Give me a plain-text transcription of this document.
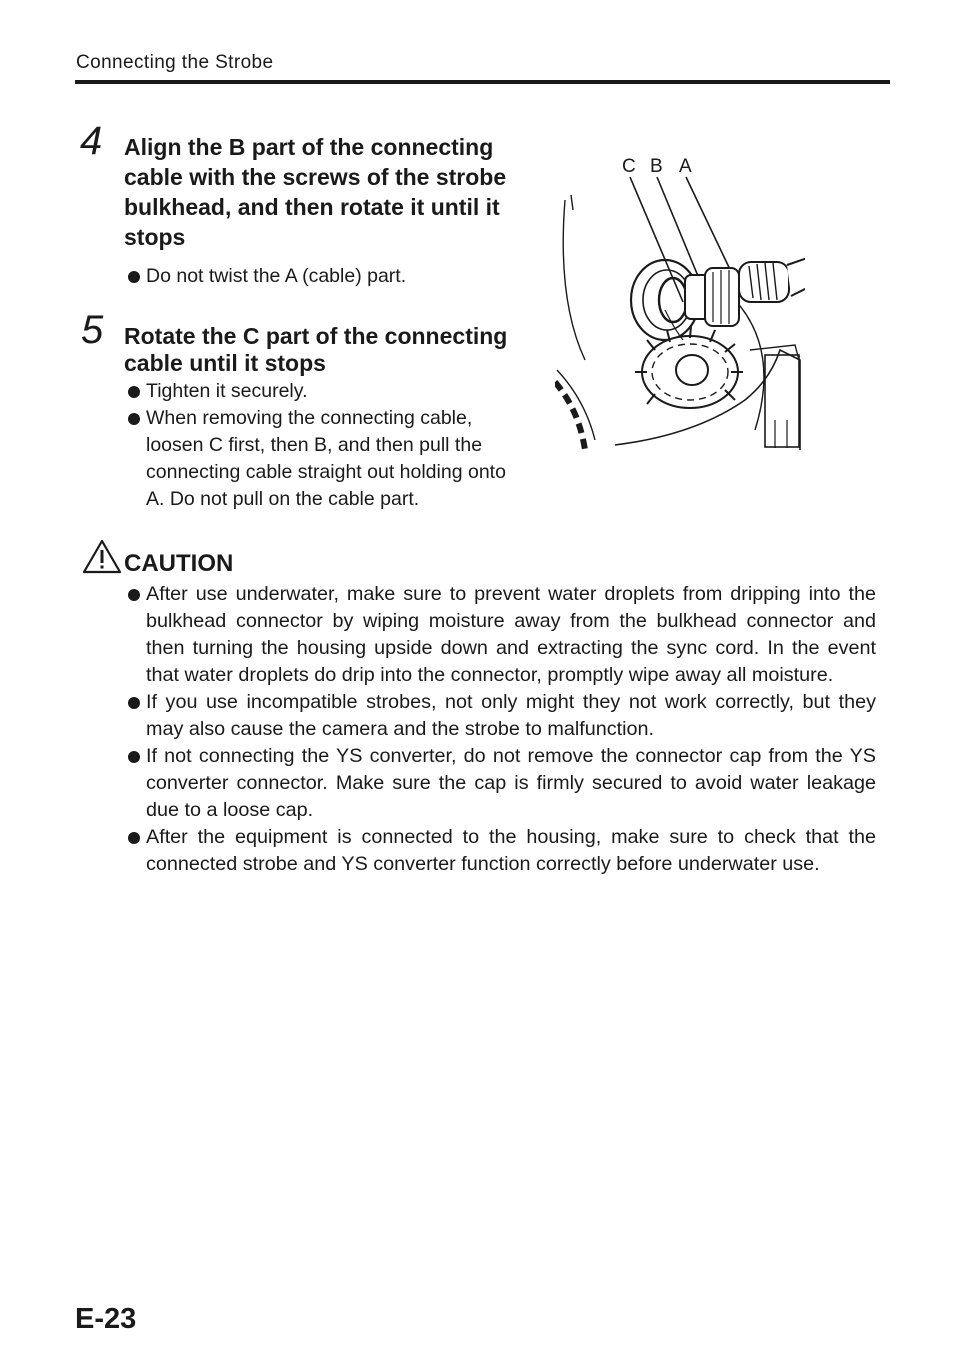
Connecting the Strobe
4 Align the B part of the connecting cable with the screws of the strobe bulkhead, and then rotate it until it stops
Do not twist the A (cable) part.
5 Rotate the C part of the connecting cable until it stops
Tighten it securely.
When removing the connecting cable, loosen C first, then B, and then pull the connecting cable straight out holding onto A. Do not pull on the cable part.
C B A
CAUTION
After use underwater, make sure to prevent water droplets from dripping into the bulkhead connector by wiping moisture away from the bulkhead connector and then turning the housing upside down and extracting the sync cord. In the event that water droplets do drip into the connector, promptly wipe away all moisture.
If you use incompatible strobes, not only might they not work correctly, but they may also cause the camera and the strobe to malfunction.
If not connecting the YS converter, do not remove the connector cap from the YS converter connector. Make sure the cap is firmly secured to avoid water leakage due to a loose cap.
After the equipment is connected to the housing, make sure to check that the connected strobe and YS converter function correctly before underwater use.
E-23
